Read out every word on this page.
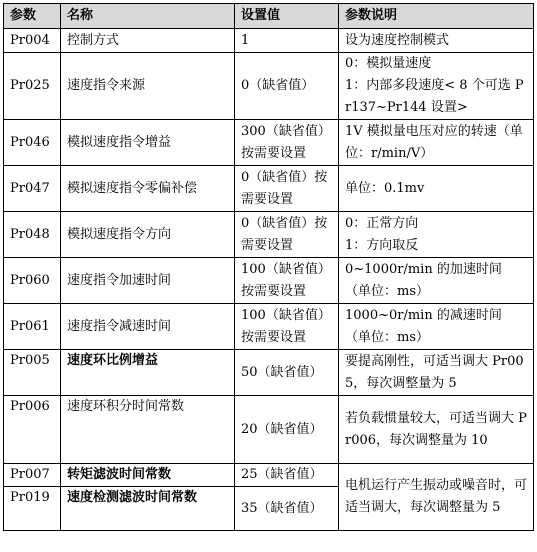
参数	名称	设置值	参数说明
Pr004	控制方式	1	设为速度控制模式
Pr025	速度指令来源	0（缺省值）	0：模拟量速度
1：内部多段速度< 8 个可选 Pr137~Pr144 设置>
Pr046	模拟速度指令增益	300（缺省值）按需要设置	1V 模拟量电压对应的转速（单位：r/min/V）
Pr047	模拟速度指令零偏补偿	0（缺省值）按需要设置	单位：0.1mv
Pr048	模拟速度指令方向	0（缺省值）按需要设置	0：正常方向
1：方向取反
Pr060	速度指令加速时间	100（缺省值）按需要设置	0~1000r/min 的加速时间
（单位：ms）
Pr061	速度指令减速时间	100（缺省值）按需要设置	1000~0r/min 的减速时间
（单位：ms）
Pr005	速度环比例增益	50（缺省值）	要提高刚性，可适当调大 Pr005，每次调整量为 5
Pr006	速度环积分时间常数	20（缺省值）	若负载惯量较大，可适当调大 Pr006，每次调整量为 10
Pr007	转矩滤波时间常数	25（缺省值）	电机运行产生振动或噪音时，可适当调大，每次调整量为 5
Pr019	速度检测滤波时间常数	35（缺省值）	
